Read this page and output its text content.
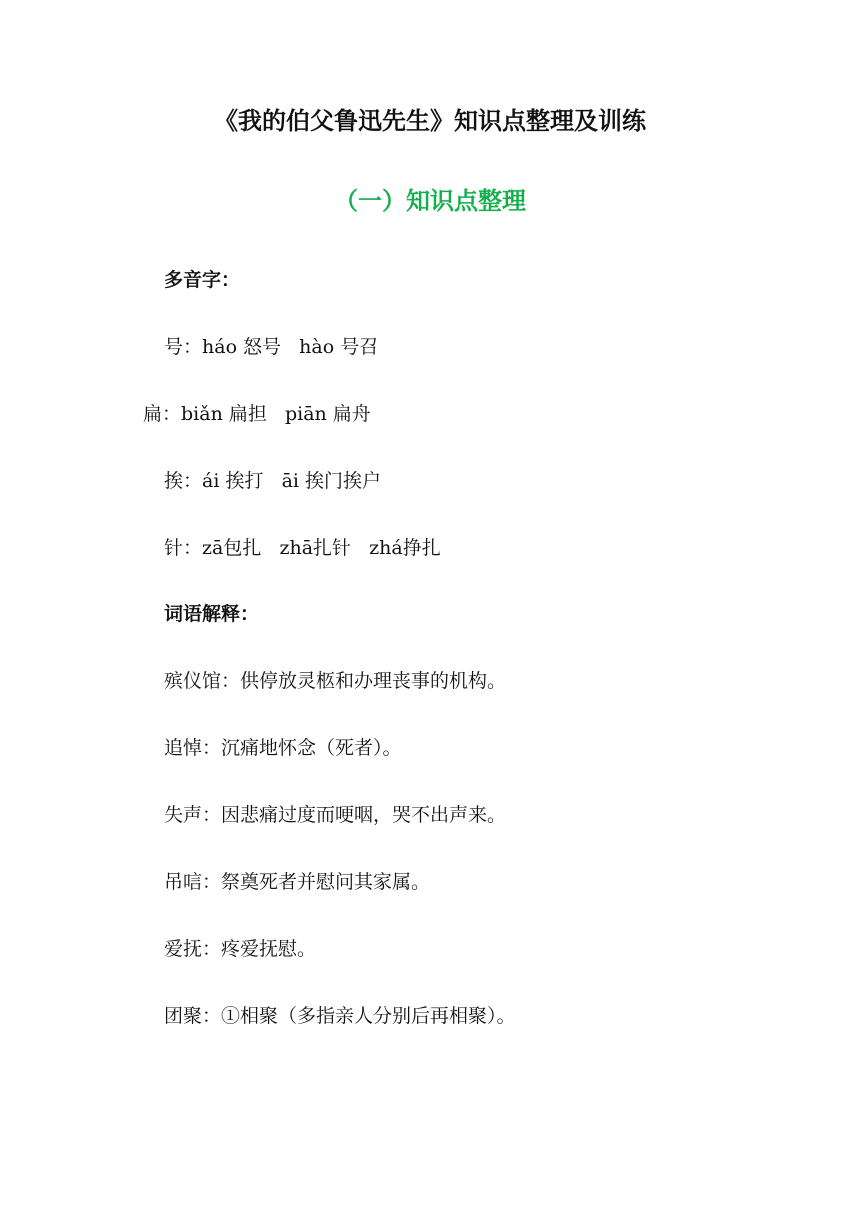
《我的伯父鲁迅先生》知识点整理及训练
（一）知识点整理
多音字：
号：háo 怒号   hào 号召
扁：biǎn 扁担   piān 扁舟
挨：ái 挨打   āi 挨门挨户
针：zā包扎   zhā扎针   zhá挣扎
词语解释：
殡仪馆：供停放灵柩和办理丧事的机构。
追悼：沉痛地怀念（死者）。
失声：因悲痛过度而哽咽，哭不出声来。
吊唁：祭奠死者并慰问其家属。
爱抚：疼爱抚慰。
团聚：①相聚（多指亲人分别后再相聚）。
